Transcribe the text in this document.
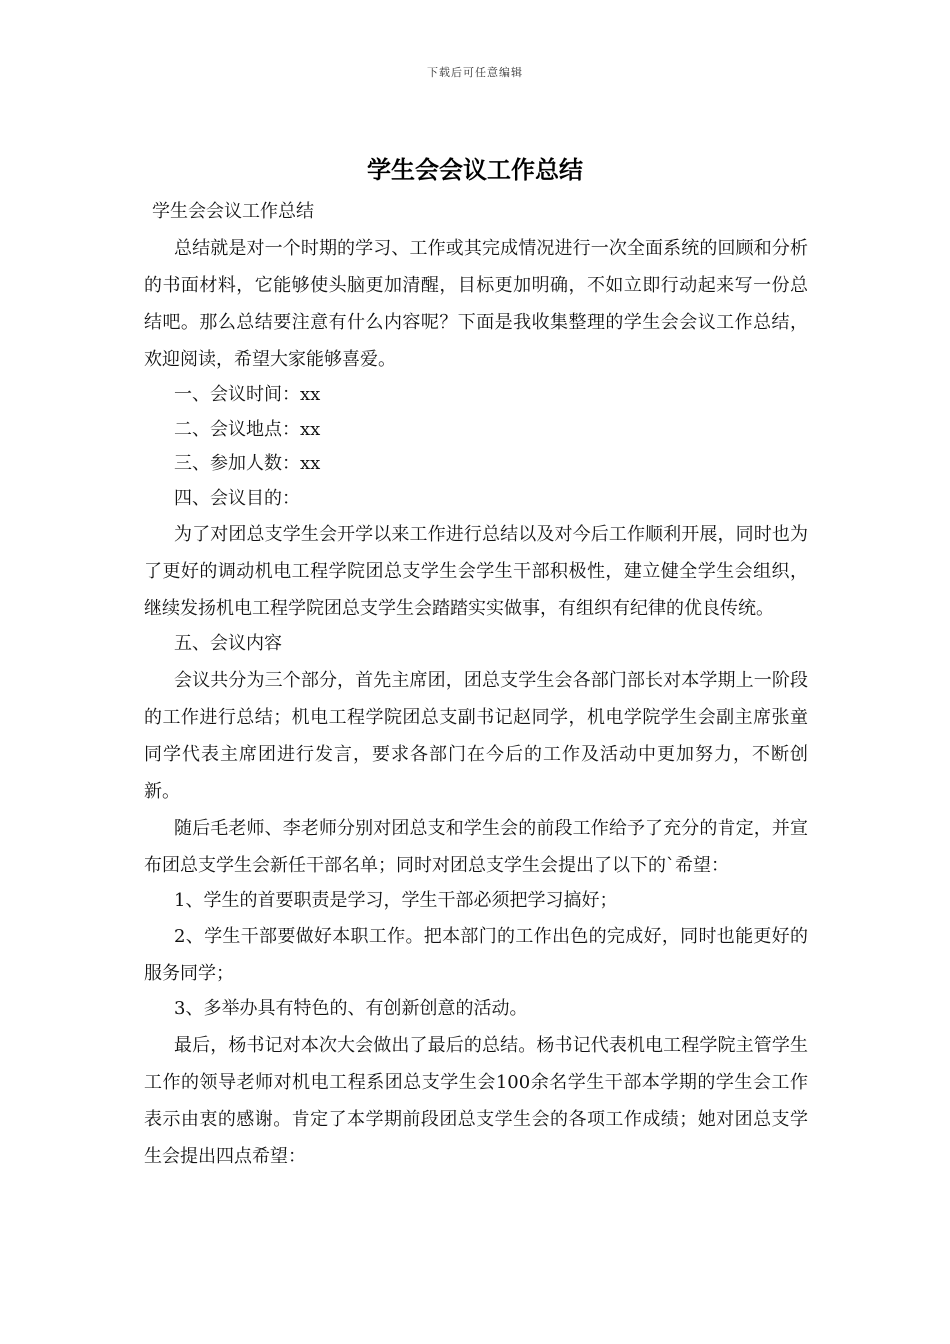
下载后可任意编辑
学生会会议工作总结

学生会会议工作总结

总结就是对一个时期的学习、工作或其完成情况进行一次全面系统的回顾和分析的书面材料，它能够使头脑更加清醒，目标更加明确，不如立即行动起来写一份总结吧。那么总结要注意有什么内容呢？下面是我收集整理的学生会会议工作总结，欢迎阅读，希望大家能够喜爱。

一、会议时间：xx

二、会议地点：xx

三、参加人数：xx

四、会议目的：

为了对团总支学生会开学以来工作进行总结以及对今后工作顺利开展，同时也为了更好的调动机电工程学院团总支学生会学生干部积极性，建立健全学生会组织，继续发扬机电工程学院团总支学生会踏踏实实做事，有组织有纪律的优良传统。

五、会议内容

会议共分为三个部分，首先主席团，团总支学生会各部门部长对本学期上一阶段的工作进行总结；机电工程学院团总支副书记赵同学，机电学院学生会副主席张童同学代表主席团进行发言，要求各部门在今后的工作及活动中更加努力，不断创新。

随后毛老师、李老师分别对团总支和学生会的前段工作给予了充分的肯定，并宣布团总支学生会新任干部名单；同时对团总支学生会提出了以下的`希望：

1、学生的首要职责是学习，学生干部必须把学习搞好；

2、学生干部要做好本职工作。把本部门的工作出色的完成好，同时也能更好的服务同学；

3、多举办具有特色的、有创新创意的活动。

最后，杨书记对本次大会做出了最后的总结。杨书记代表机电工程学院主管学生工作的领导老师对机电工程系团总支学生会100余名学生干部本学期的学生会工作表示由衷的感谢。肯定了本学期前段团总支学生会的各项工作成绩；她对团总支学生会提出四点希望：
